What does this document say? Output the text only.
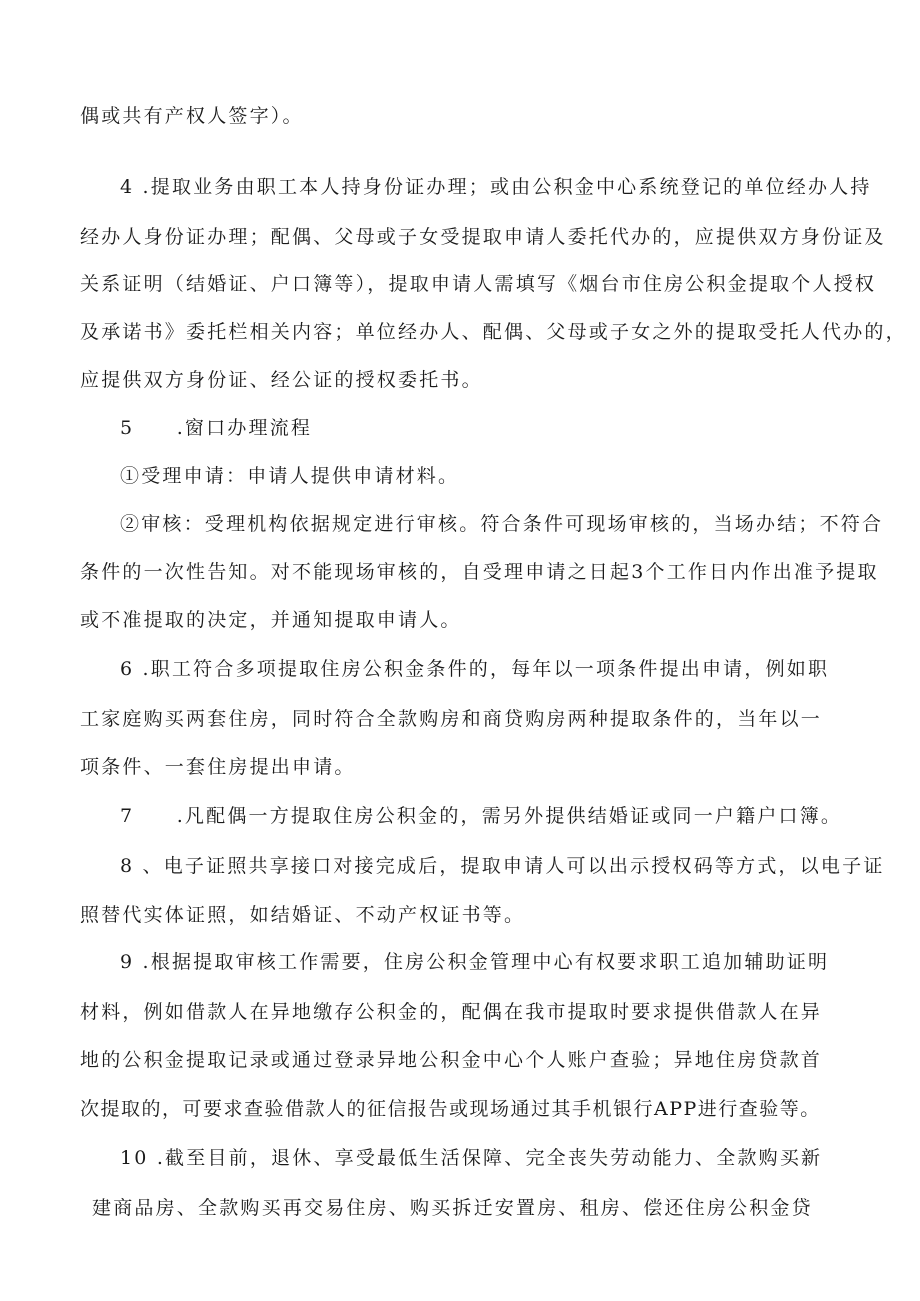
偶或共有产权人签字）。
4 .提取业务由职工本人持身份证办理；或由公积金中心系统登记的单位经办人持
经办人身份证办理；配偶、父母或子女受提取申请人委托代办的，应提供双方身份证及
关系证明（结婚证、户口簿等），提取申请人需填写《烟台市住房公积金提取个人授权
及承诺书》委托栏相关内容；单位经办人、配偶、父母或子女之外的提取受托人代办的，
应提供双方身份证、经公证的授权委托书。
5　　.窗口办理流程
①受理申请：申请人提供申请材料。
②审核：受理机构依据规定进行审核。符合条件可现场审核的，当场办结；不符合
条件的一次性告知。对不能现场审核的，自受理申请之日起3个工作日内作出准予提取
或不准提取的决定，并通知提取申请人。
6 .职工符合多项提取住房公积金条件的，每年以一项条件提出申请，例如职
工家庭购买两套住房，同时符合全款购房和商贷购房两种提取条件的，当年以一
项条件、一套住房提出申请。
7　　.凡配偶一方提取住房公积金的，需另外提供结婚证或同一户籍户口簿。
8 、电子证照共享接口对接完成后，提取申请人可以出示授权码等方式，以电子证
照替代实体证照，如结婚证、不动产权证书等。
9 .根据提取审核工作需要，住房公积金管理中心有权要求职工追加辅助证明
材料，例如借款人在异地缴存公积金的，配偶在我市提取时要求提供借款人在异
地的公积金提取记录或通过登录异地公积金中心个人账户查验；异地住房贷款首
次提取的，可要求查验借款人的征信报告或现场通过其手机银行APP进行查验等。
10 .截至目前，退休、享受最低生活保障、完全丧失劳动能力、全款购买新
建商品房、全款购买再交易住房、购买拆迁安置房、租房、偿还住房公积金贷
